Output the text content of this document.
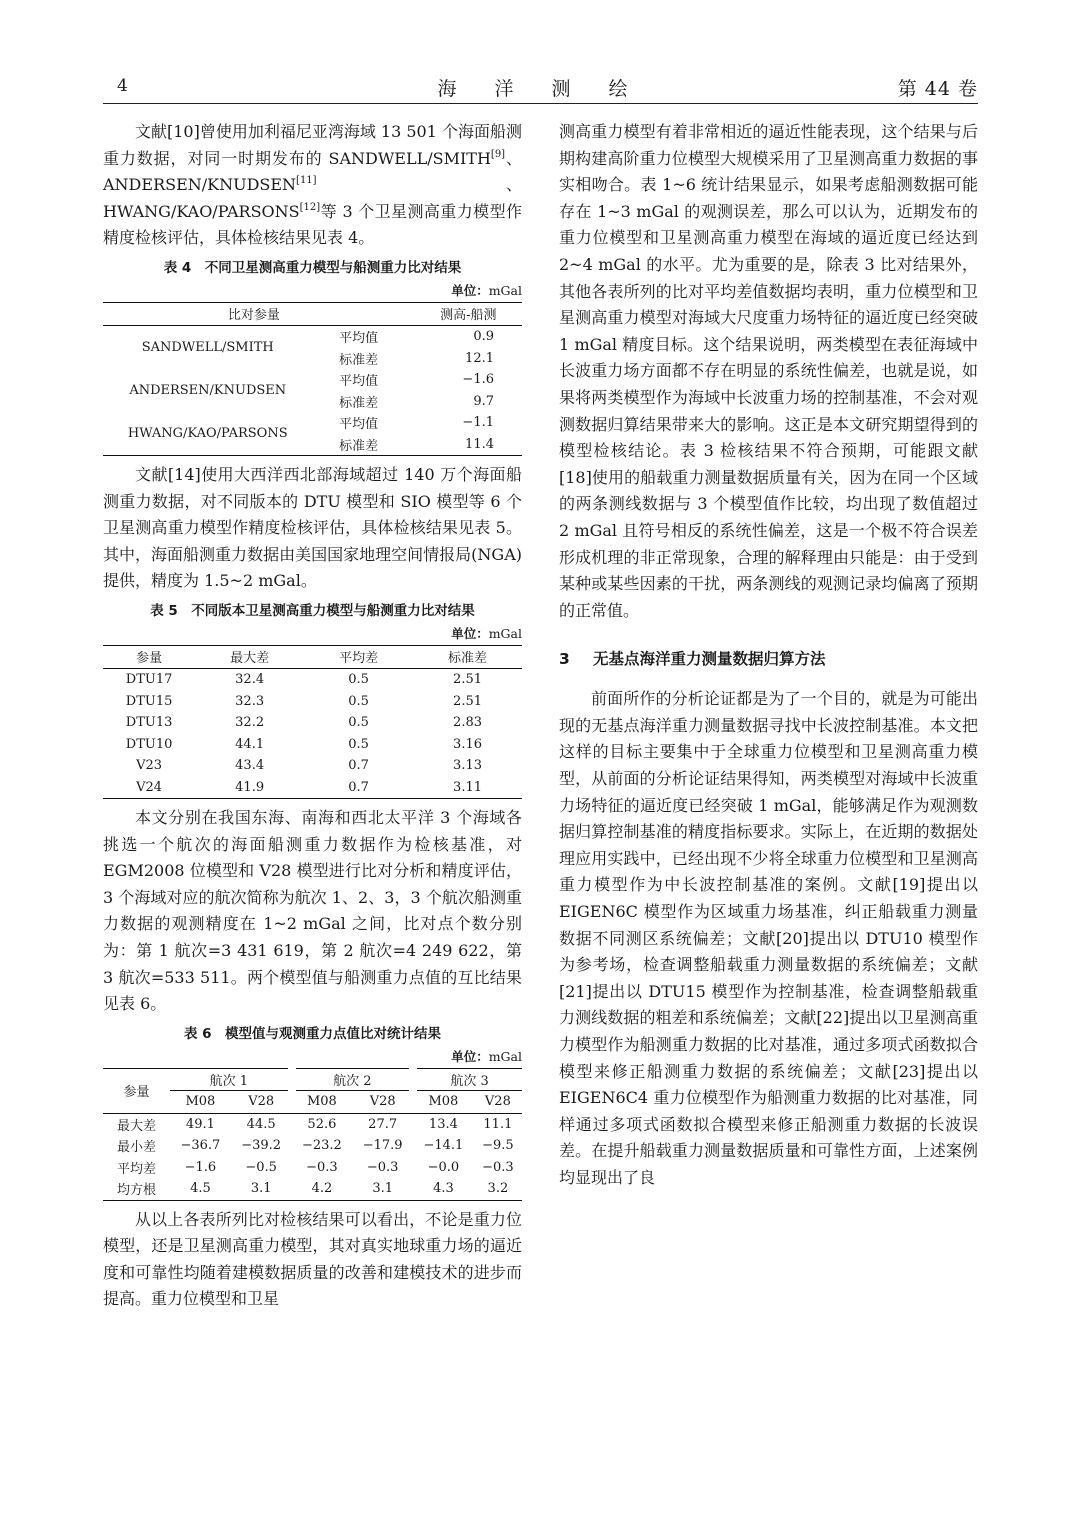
4	海 洋 测 绘	第 44 卷

文献[10]曾使用加利福尼亚湾海域 13 501 个海面船测重力数据，对同一时期发布的 SANDWELL/SMITH[9]、ANDERSEN/KNUDSEN[11]、HWANG/KAO/PARSONS[12]等 3 个卫星测高重力模型作精度检核评估，具体检核结果见表 4。

表 4　不同卫星测高重力模型与船测重力比对结果
单位：mGal
比对参量		测高-船测
SANDWELL/SMITH	平均值	0.9
	标准差	12.1
ANDERSEN/KNUDSEN	平均值	−1.6
	标准差	9.7
HWANG/KAO/PARSONS	平均值	−1.1
	标准差	11.4

文献[14]使用大西洋西北部海域超过 140 万个海面船测重力数据，对不同版本的 DTU 模型和 SIO 模型等 6 个卫星测高重力模型作精度检核评估，具体检核结果见表 5。其中，海面船测重力数据由美国国家地理空间情报局(NGA)提供，精度为 1.5~2 mGal。

表 5　不同版本卫星测高重力模型与船测重力比对结果
单位：mGal
参量	最大差	平均差	标准差
DTU17	32.4	0.5	2.51
DTU15	32.3	0.5	2.51
DTU13	32.2	0.5	2.83
DTU10	44.1	0.5	3.16
V23	43.4	0.7	3.13
V24	41.9	0.7	3.11

本文分别在我国东海、南海和西北太平洋 3 个海域各挑选一个航次的海面船测重力数据作为检核基准，对 EGM2008 位模型和 V28 模型进行比对分析和精度评估，3 个海域对应的航次简称为航次 1、2、3，3 个航次船测重力数据的观测精度在 1~2 mGal 之间，比对点个数分别为：第 1 航次=3 431 619，第 2 航次=4 249 622，第 3 航次=533 511。两个模型值与船测重力点值的互比结果见表 6。

表 6　模型值与观测重力点值比对统计结果
单位：mGal
参量	航次 1		航次 2		航次 3	
	M08	V28	M08	V28	M08	V28
最大差	49.1	44.5	52.6	27.7	13.4	11.1
最小差	−36.7	−39.2	−23.2	−17.9	−14.1	−9.5
平均差	−1.6	−0.5	−0.3	−0.3	−0.0	−0.3
均方根	4.5	3.1	4.2	3.1	4.3	3.2

从以上各表所列比对检核结果可以看出，不论是重力位模型，还是卫星测高重力模型，其对真实地球重力场的逼近度和可靠性均随着建模数据质量的改善和建模技术的进步而提高。重力位模型和卫星

测高重力模型有着非常相近的逼近性能表现，这个结果与后期构建高阶重力位模型大规模采用了卫星测高重力数据的事实相吻合。表 1~6 统计结果显示，如果考虑船测数据可能存在 1~3 mGal 的观测误差，那么可以认为，近期发布的重力位模型和卫星测高重力模型在海域的逼近度已经达到 2~4 mGal 的水平。尤为重要的是，除表 3 比对结果外，其他各表所列的比对平均差值数据均表明，重力位模型和卫星测高重力模型对海域大尺度重力场特征的逼近度已经突破 1 mGal 精度目标。这个结果说明，两类模型在表征海域中长波重力场方面都不存在明显的系统性偏差，也就是说，如果将两类模型作为海域中长波重力场的控制基准，不会对观测数据归算结果带来大的影响。这正是本文研究期望得到的模型检核结论。表 3 检核结果不符合预期，可能跟文献[18]使用的船载重力测量数据质量有关，因为在同一个区域的两条测线数据与 3 个模型值作比较，均出现了数值超过 2 mGal 且符号相反的系统性偏差，这是一个极不符合误差形成机理的非正常现象，合理的解释理由只能是：由于受到某种或某些因素的干扰，两条测线的观测记录均偏离了预期的正常值。

3 无基点海洋重力测量数据归算方法

前面所作的分析论证都是为了一个目的，就是为可能出现的无基点海洋重力测量数据寻找中长波控制基准。本文把这样的目标主要集中于全球重力位模型和卫星测高重力模型，从前面的分析论证结果得知，两类模型对海域中长波重力场特征的逼近度已经突破 1 mGal，能够满足作为观测数据归算控制基准的精度指标要求。实际上，在近期的数据处理应用实践中，已经出现不少将全球重力位模型和卫星测高重力模型作为中长波控制基准的案例。文献[19]提出以 EIGEN6C 模型作为区域重力场基准，纠正船载重力测量数据不同测区系统偏差；文献[20]提出以 DTU10 模型作为参考场，检查调整船载重力测量数据的系统偏差；文献[21]提出以 DTU15 模型作为控制基准，检查调整船载重力测线数据的粗差和系统偏差；文献[22]提出以卫星测高重力模型作为船测重力数据的比对基准，通过多项式函数拟合模型来修正船测重力数据的系统偏差；文献[23]提出以 EIGEN6C4 重力位模型作为船测重力数据的比对基准，同样通过多项式函数拟合模型来修正船测重力数据的长波误差。在提升船载重力测量数据质量和可靠性方面，上述案例均显现出了良
